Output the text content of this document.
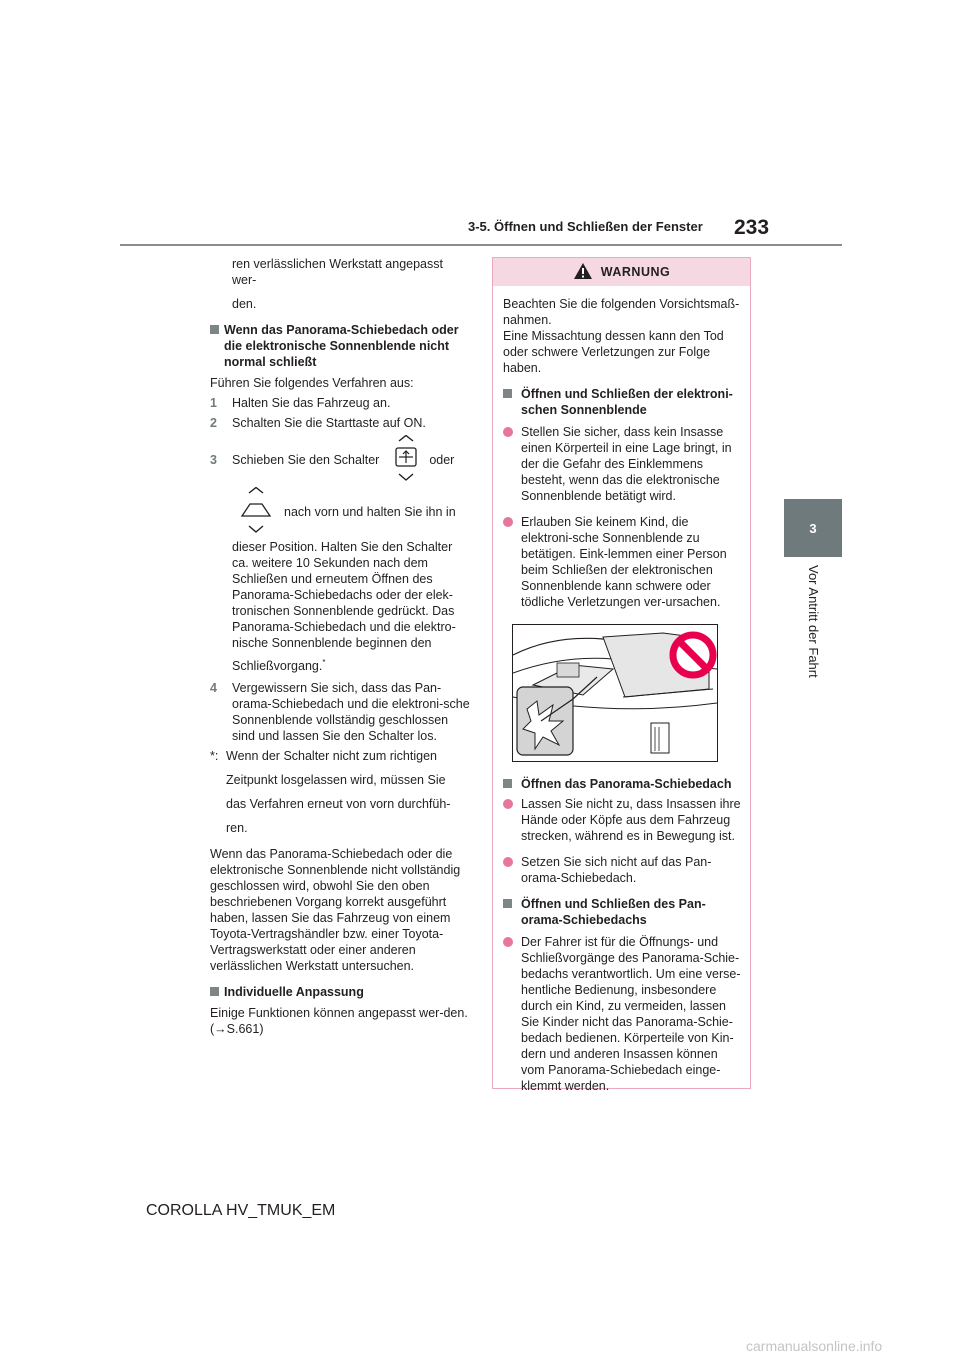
3-5. Öffnen und Schließen der Fenster 233
3
Vor Antritt der Fahrt

ren verlässlichen Werkstatt angepasst wer-

den.

Wenn das Panorama-Schiebedach oder die elektronische Sonnenblende nicht normal schließt

Führen Sie folgendes Verfahren aus:

1	Halten Sie das Fahrzeug an.
2	Schalten Sie die Starttaste auf ON.
3	Schieben Sie den Schalter	oder
nach vorn und halten Sie ihn in

dieser Position. Halten Sie den Schalter ca. weitere 10 Sekunden nach dem Schließen und erneutem Öffnen des Panorama-Schiebedachs oder der elek-tronischen Sonnenblende gedrückt. Das Panorama-Schiebedach und die elektro-nische Sonnenblende beginnen den

Schließvorgang.*

4	Vergewissern Sie sich, dass das Pan-orama-Schiebedach und die elektroni-sche Sonnenblende vollständig geschlossen sind und lassen Sie den Schalter los.
*: Wenn der Schalter nicht zum richtigen

Zeitpunkt losgelassen wird, müssen Sie

das Verfahren erneut von vorn durchfüh-

ren.

Wenn das Panorama-Schiebedach oder die elektronische Sonnenblende nicht vollständig geschlossen wird, obwohl Sie den oben beschriebenen Vorgang korrekt ausgeführt haben, lassen Sie das Fahrzeug von einem Toyota-Vertragshändler bzw. einer Toyota-Vertragswerkstatt oder einer anderen verlässlichen Werkstatt untersuchen.

Individuelle Anpassung

Einige Funktionen können angepasst wer-den. (→S.661)

WARNUNG

Beachten Sie die folgenden Vorsichtsmaß-nahmen.

Eine Missachtung dessen kann den Tod oder schwere Verletzungen zur Folge haben.

Öffnen und Schließen der elektroni-schen Sonnenblende

Stellen Sie sicher, dass kein Insasse einen Körperteil in eine Lage bringt, in der die Gefahr des Einklemmens besteht, wenn das die elektronische Sonnenblende betätigt wird.

Erlauben Sie keinem Kind, die elektroni-sche Sonnenblende zu betätigen. Eink-lemmen einer Person beim Schließen der elektronischen Sonnenblende kann schwere oder tödliche Verletzungen ver-ursachen.

Öffnen das Panorama-Schiebedach

Lassen Sie nicht zu, dass Insassen ihre Hände oder Köpfe aus dem Fahrzeug strecken, während es in Bewegung ist.

Setzen Sie sich nicht auf das Pan-orama-Schiebedach.

Öffnen und Schließen des Pan-orama-Schiebedachs

Der Fahrer ist für die Öffnungs- und Schließvorgänge des Panorama-Schie-bedachs verantwortlich. Um eine verse-hentliche Bedienung, insbesondere durch ein Kind, zu vermeiden, lassen Sie Kinder nicht das Panorama-Schie-bedach bedienen. Körperteile von Kin-dern und anderen Insassen können vom Panorama-Schiebedach einge-klemmt werden.

COROLLA HV_TMUK_EM
carmanualsonline.info
